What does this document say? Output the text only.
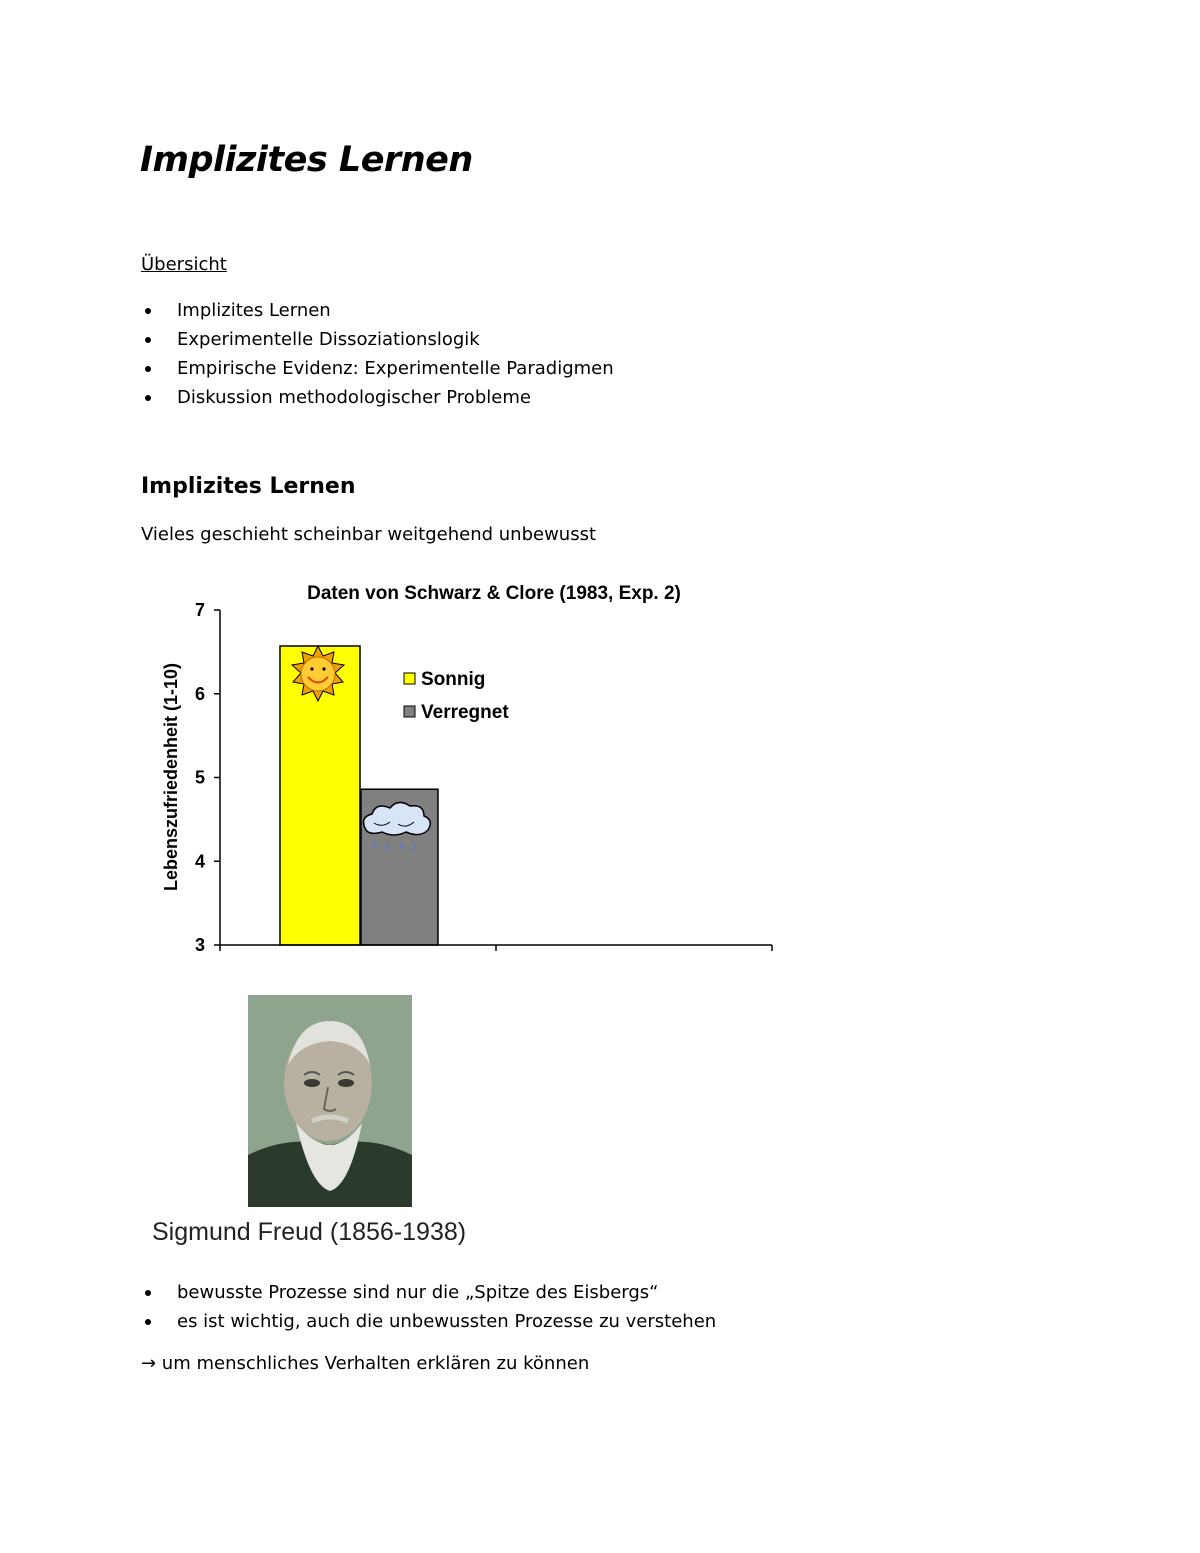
Implizites Lernen
Übersicht
Implizites Lernen
Experimentelle Dissoziationslogik
Empirische Evidenz: Experimentelle Paradigmen
Diskussion methodologischer Probleme
Implizites Lernen
Vieles geschieht scheinbar weitgehend unbewusst
Daten von Schwarz & Clore (1983, Exp. 2)
Lebenszufriedenheit (1-10)
7
6
5
4
3
Sonnig
Verregnet
Sigmund Freud (1856-1938)
bewusste Prozesse sind nur die „Spitze des Eisbergs“
es ist wichtig, auch die unbewussten Prozesse zu verstehen
→ um menschliches Verhalten erklären zu können
